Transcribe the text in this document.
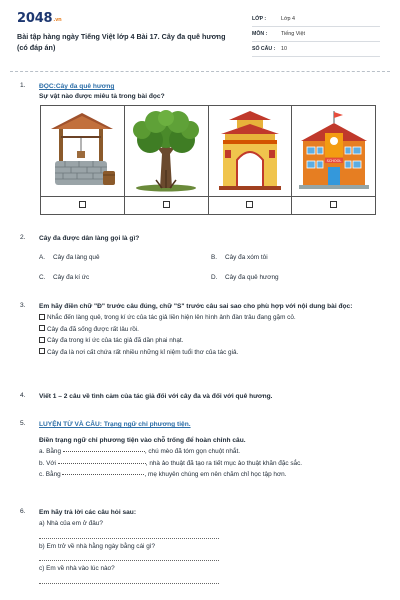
2048.vn
Bài tập hàng ngày Tiếng Việt lớp 4 Bài 17. Cây đa quê hương (có đáp án)
LỚP :	Lớp 4
MÔN :	Tiếng Việt
SỐ CÂU :	10
1. ĐỌC:Cây đa quê hương
Sự vật nào được miêu tả trong bài đọc?

SCHOOL

2. Cây đa được dân làng gọi là gì?
A. Cây đa làng quê	B. Cây đa xóm tôi
C. Cây đa kí ức	D. Cây đa quê hương
3. Em hãy điền chữ "Đ" trước câu đúng, chữ "S" trước câu sai sao cho phù hợp với nội dung bài đọc:
Nhắc đến làng quê, trong kí ức của tác giả liền hiện lên hình ảnh đàn trâu đang gặm cỏ.
Cây đa đã sống được rất lâu rồi.
Cây đa trong kí ức của tác giả đã dần phai nhạt.
Cây đa là nơi cất chứa rất nhiều những kỉ niệm tuổi thơ của tác giả.
4. Viết 1 – 2 câu về tình cảm của tác giả đối với cây đa và đối với quê hương.
5. LUYỆN TỪ VÀ CÂU: Trạng ngữ chỉ phương tiện.
Điền trạng ngữ chỉ phương tiện vào chỗ trống để hoàn chỉnh câu.
a. Bằng	, chú mèo đã tóm gọn chuột nhắt.
b. Với	, nhà ảo thuật đã tạo ra tiết mục ảo thuật khăn đặc sắc.
c. Bằng	, mẹ khuyên chúng em nên chăm chỉ học tập hơn.
6. Em hãy trả lời các câu hỏi sau:
a) Nhà của em ở đâu?
b) Em trở về nhà hằng ngày bằng cái gì?
c) Em về nhà vào lúc nào?
